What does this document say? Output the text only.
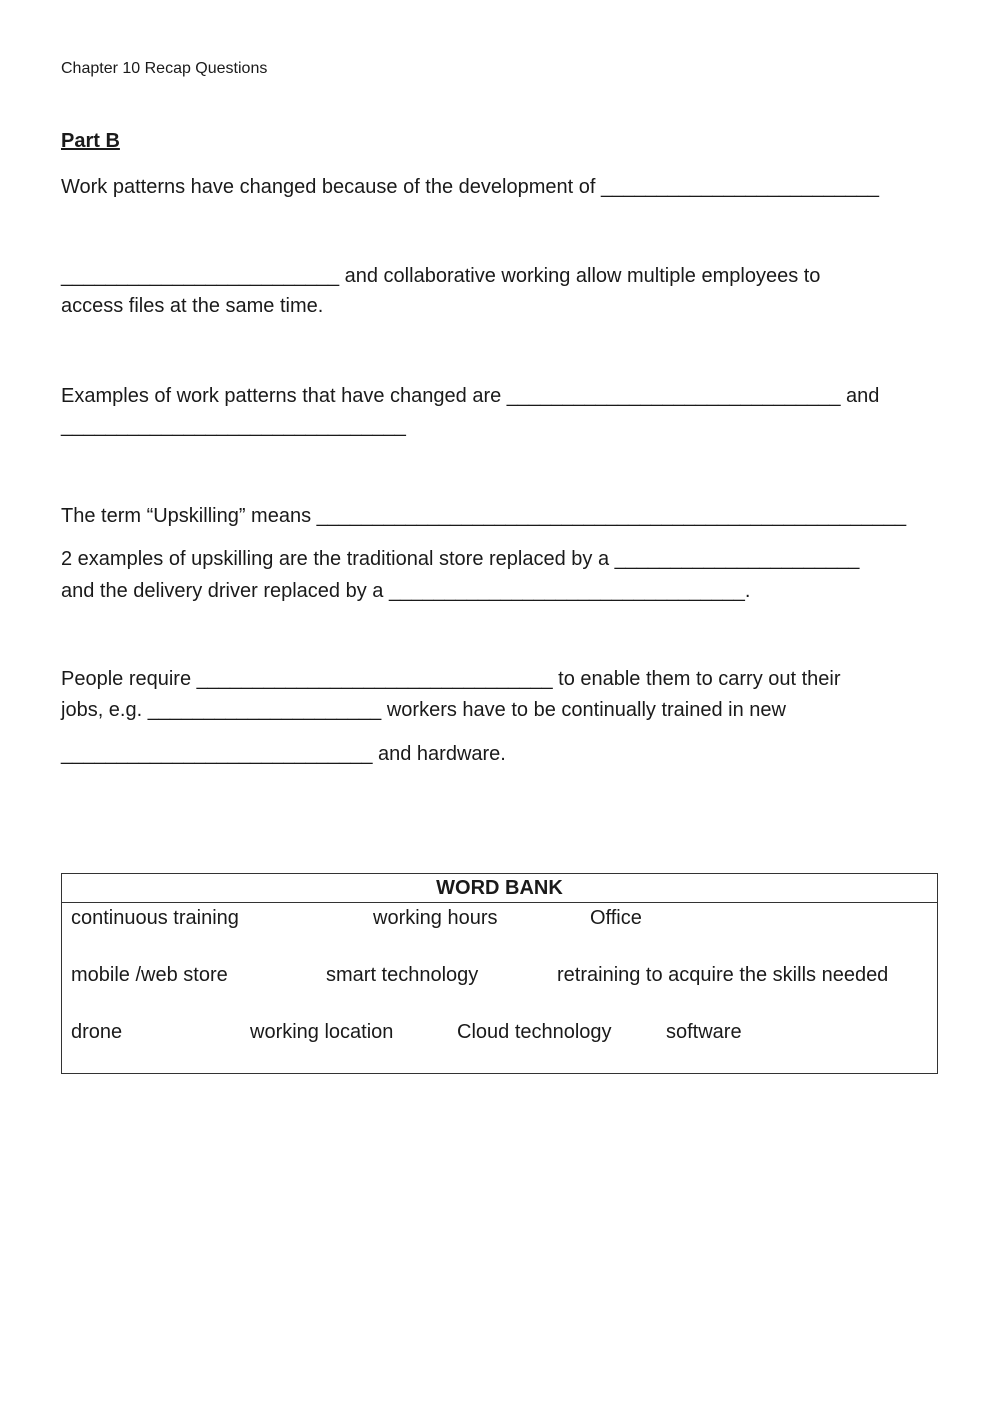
Chapter 10 Recap Questions
Part B
Work patterns have changed because of the development of _________________________
_________________________ and collaborative working allow multiple employees to
access files at the same time.
Examples of work patterns that have changed are ______________________________ and
_______________________________
The term “Upskilling” means _____________________________________________________
2 examples of upskilling are the traditional store replaced by a ______________________
and the delivery driver replaced by a ________________________________.
People require ________________________________ to enable them to carry out their
jobs, e.g. _____________________ workers have to be continually trained in new
____________________________ and hardware.
WORD BANK
continuous training	working hours	Office
mobile /web store	smart technology	retraining to acquire the skills needed
drone	working location	Cloud technology	software
